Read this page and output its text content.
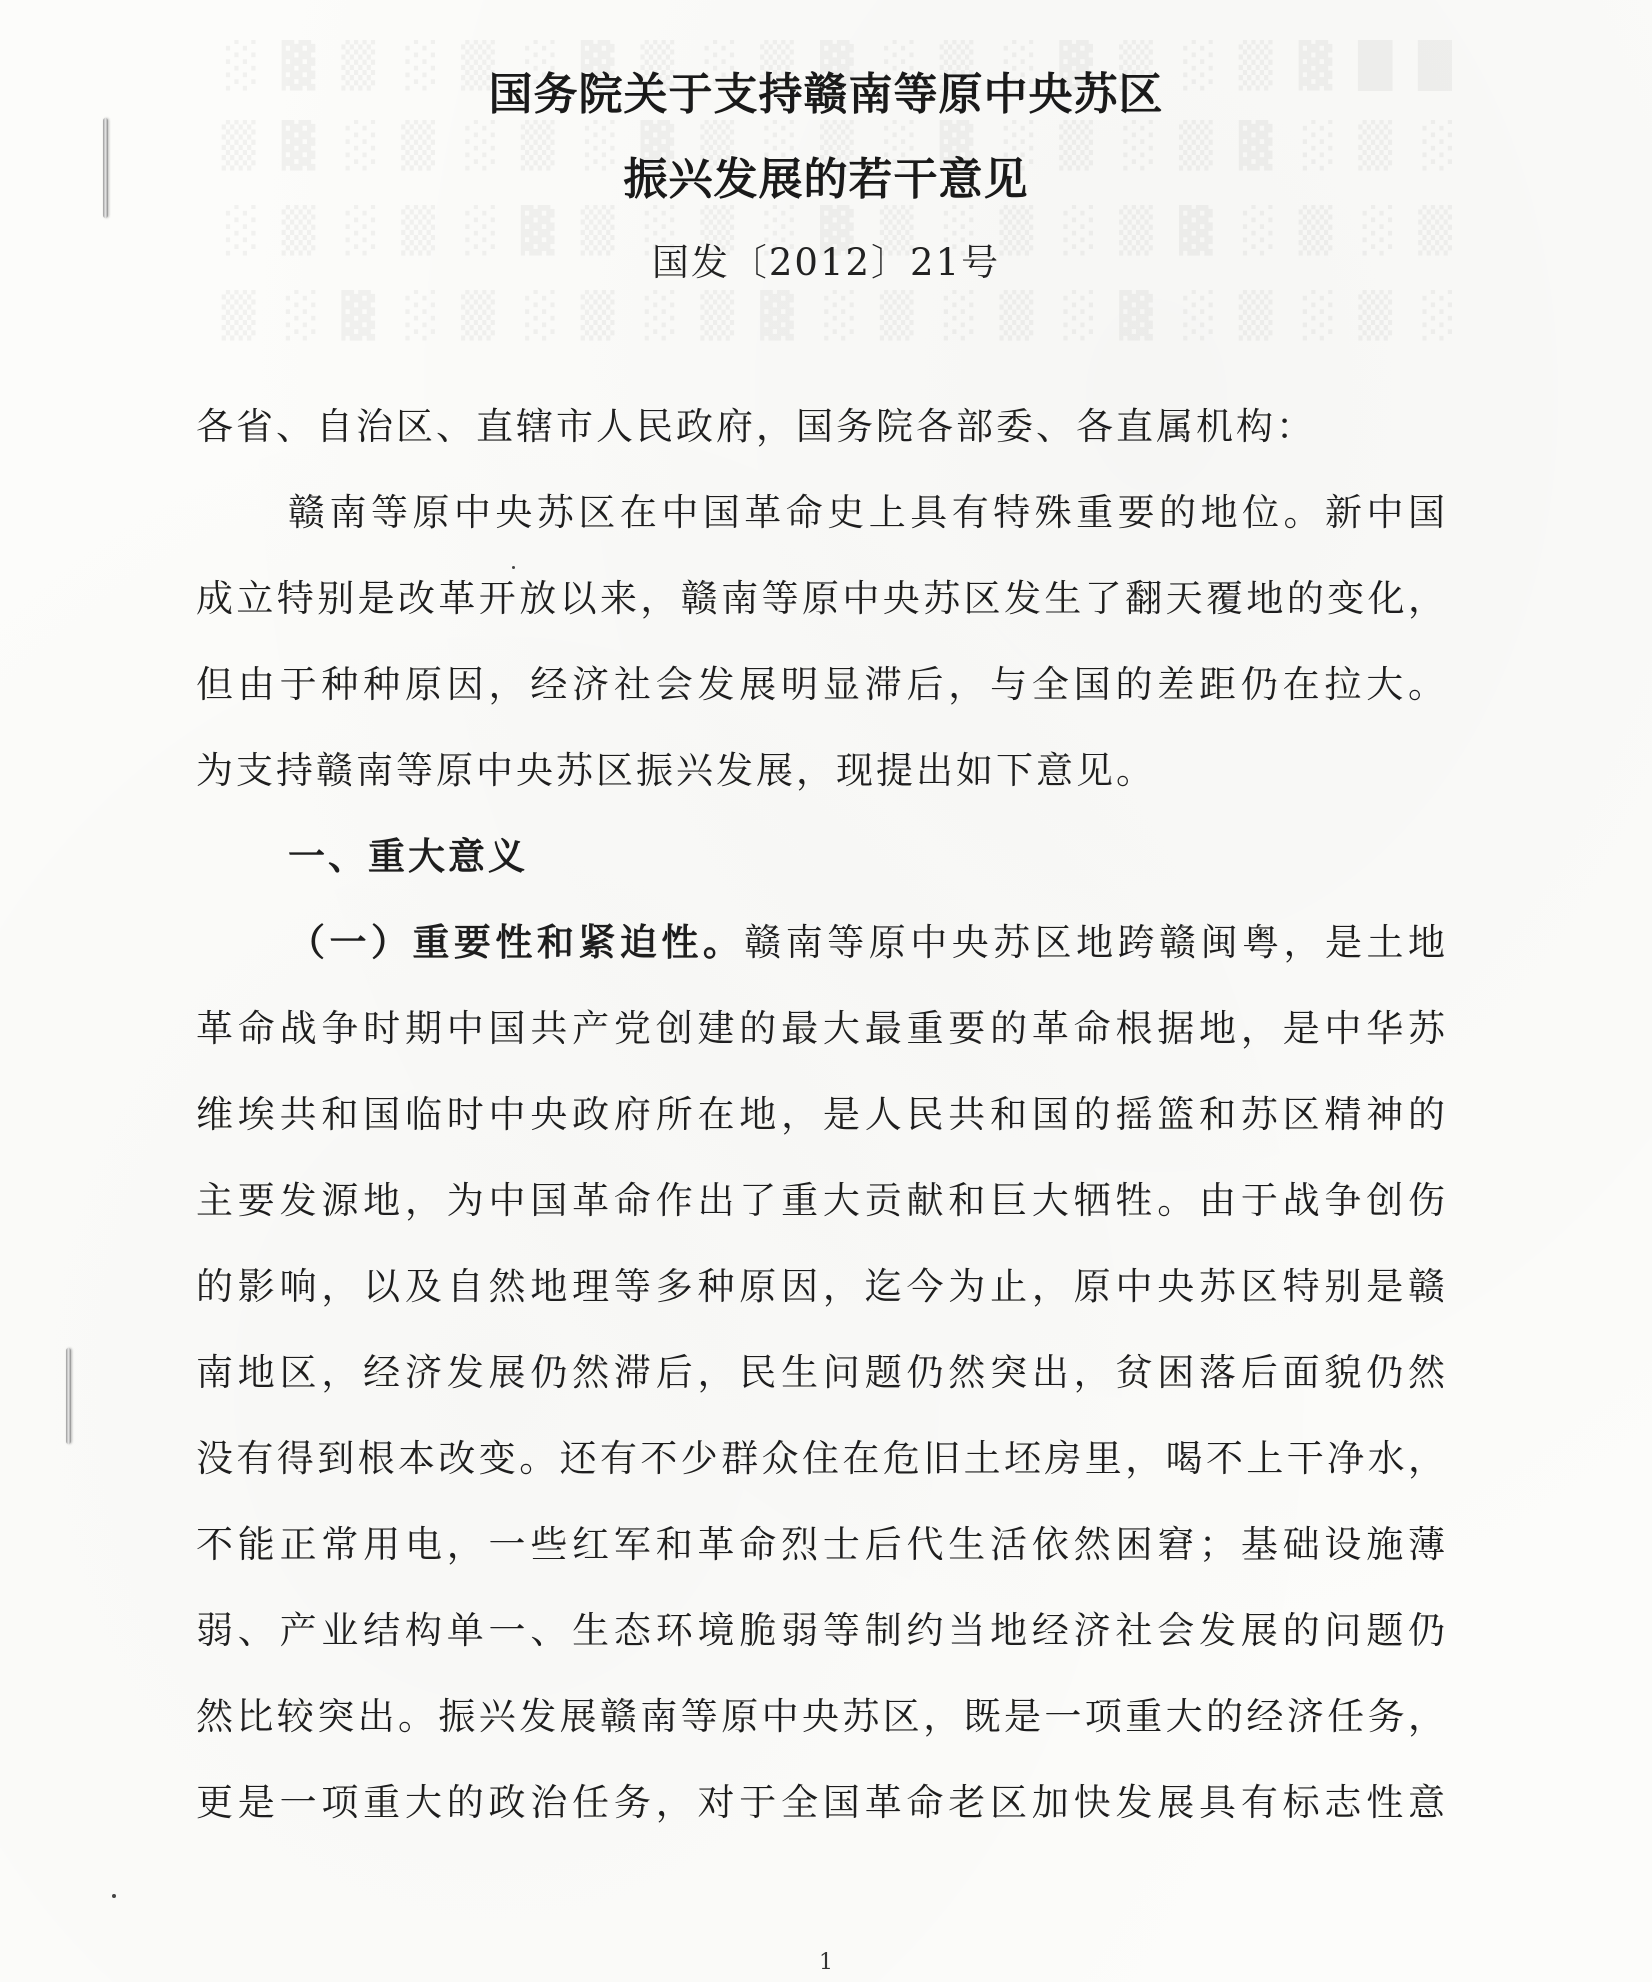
国务院关于支持赣南等原中央苏区
振兴发展的若干意见
国发〔2012〕21号
各省、自治区、直辖市人民政府，国务院各部委、各直属机构：
赣南等原中央苏区在中国革命史上具有特殊重要的地位。新中国
成立特别是改革开放以来，赣南等原中央苏区发生了翻天覆地的变化，
但由于种种原因，经济社会发展明显滞后，与全国的差距仍在拉大。
为支持赣南等原中央苏区振兴发展，现提出如下意见。
一、重大意义
（一）重要性和紧迫性。赣南等原中央苏区地跨赣闽粤，是土地
革命战争时期中国共产党创建的最大最重要的革命根据地，是中华苏
维埃共和国临时中央政府所在地，是人民共和国的摇篮和苏区精神的
主要发源地，为中国革命作出了重大贡献和巨大牺牲。由于战争创伤
的影响，以及自然地理等多种原因，迄今为止，原中央苏区特别是赣
南地区，经济发展仍然滞后，民生问题仍然突出，贫困落后面貌仍然
没有得到根本改变。还有不少群众住在危旧土坯房里，喝不上干净水，
不能正常用电，一些红军和革命烈士后代生活依然困窘；基础设施薄
弱、产业结构单一、生态环境脆弱等制约当地经济社会发展的问题仍
然比较突出。振兴发展赣南等原中央苏区，既是一项重大的经济任务，
更是一项重大的政治任务，对于全国革命老区加快发展具有标志性意
1
